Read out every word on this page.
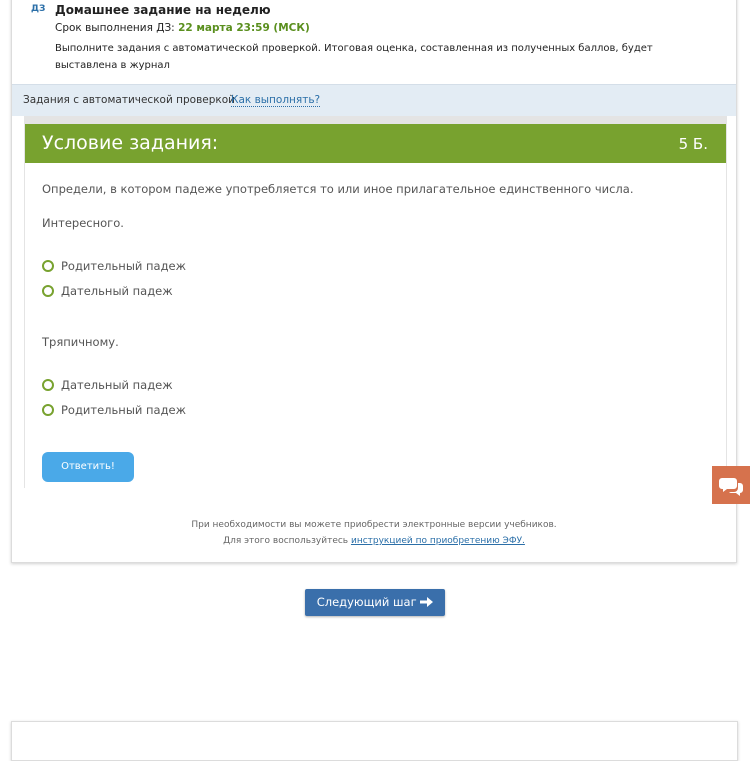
ДЗ Домашнее задание на неделю
Срок выполнения ДЗ: 22 марта 23:59 (МСК)
Выполните задания с автоматической проверкой. Итоговая оценка, составленная из полученных баллов, будет выставлена в журнал
Задания с автоматической проверкой
Как выполнять?
Условие задания:	5 Б.
Определи, в котором падеже употребляется то или иное прилагательное единственного числа.
Интересного.
Родительный падеж
Дательный падеж
Тряпичному.
Дательный падеж
Родительный падеж
Ответить!
При необходимости вы можете приобрести электронные версии учебников.
Для этого воспользуйтесь инструкцией по приобретению ЭФУ.
Следующий шаг
